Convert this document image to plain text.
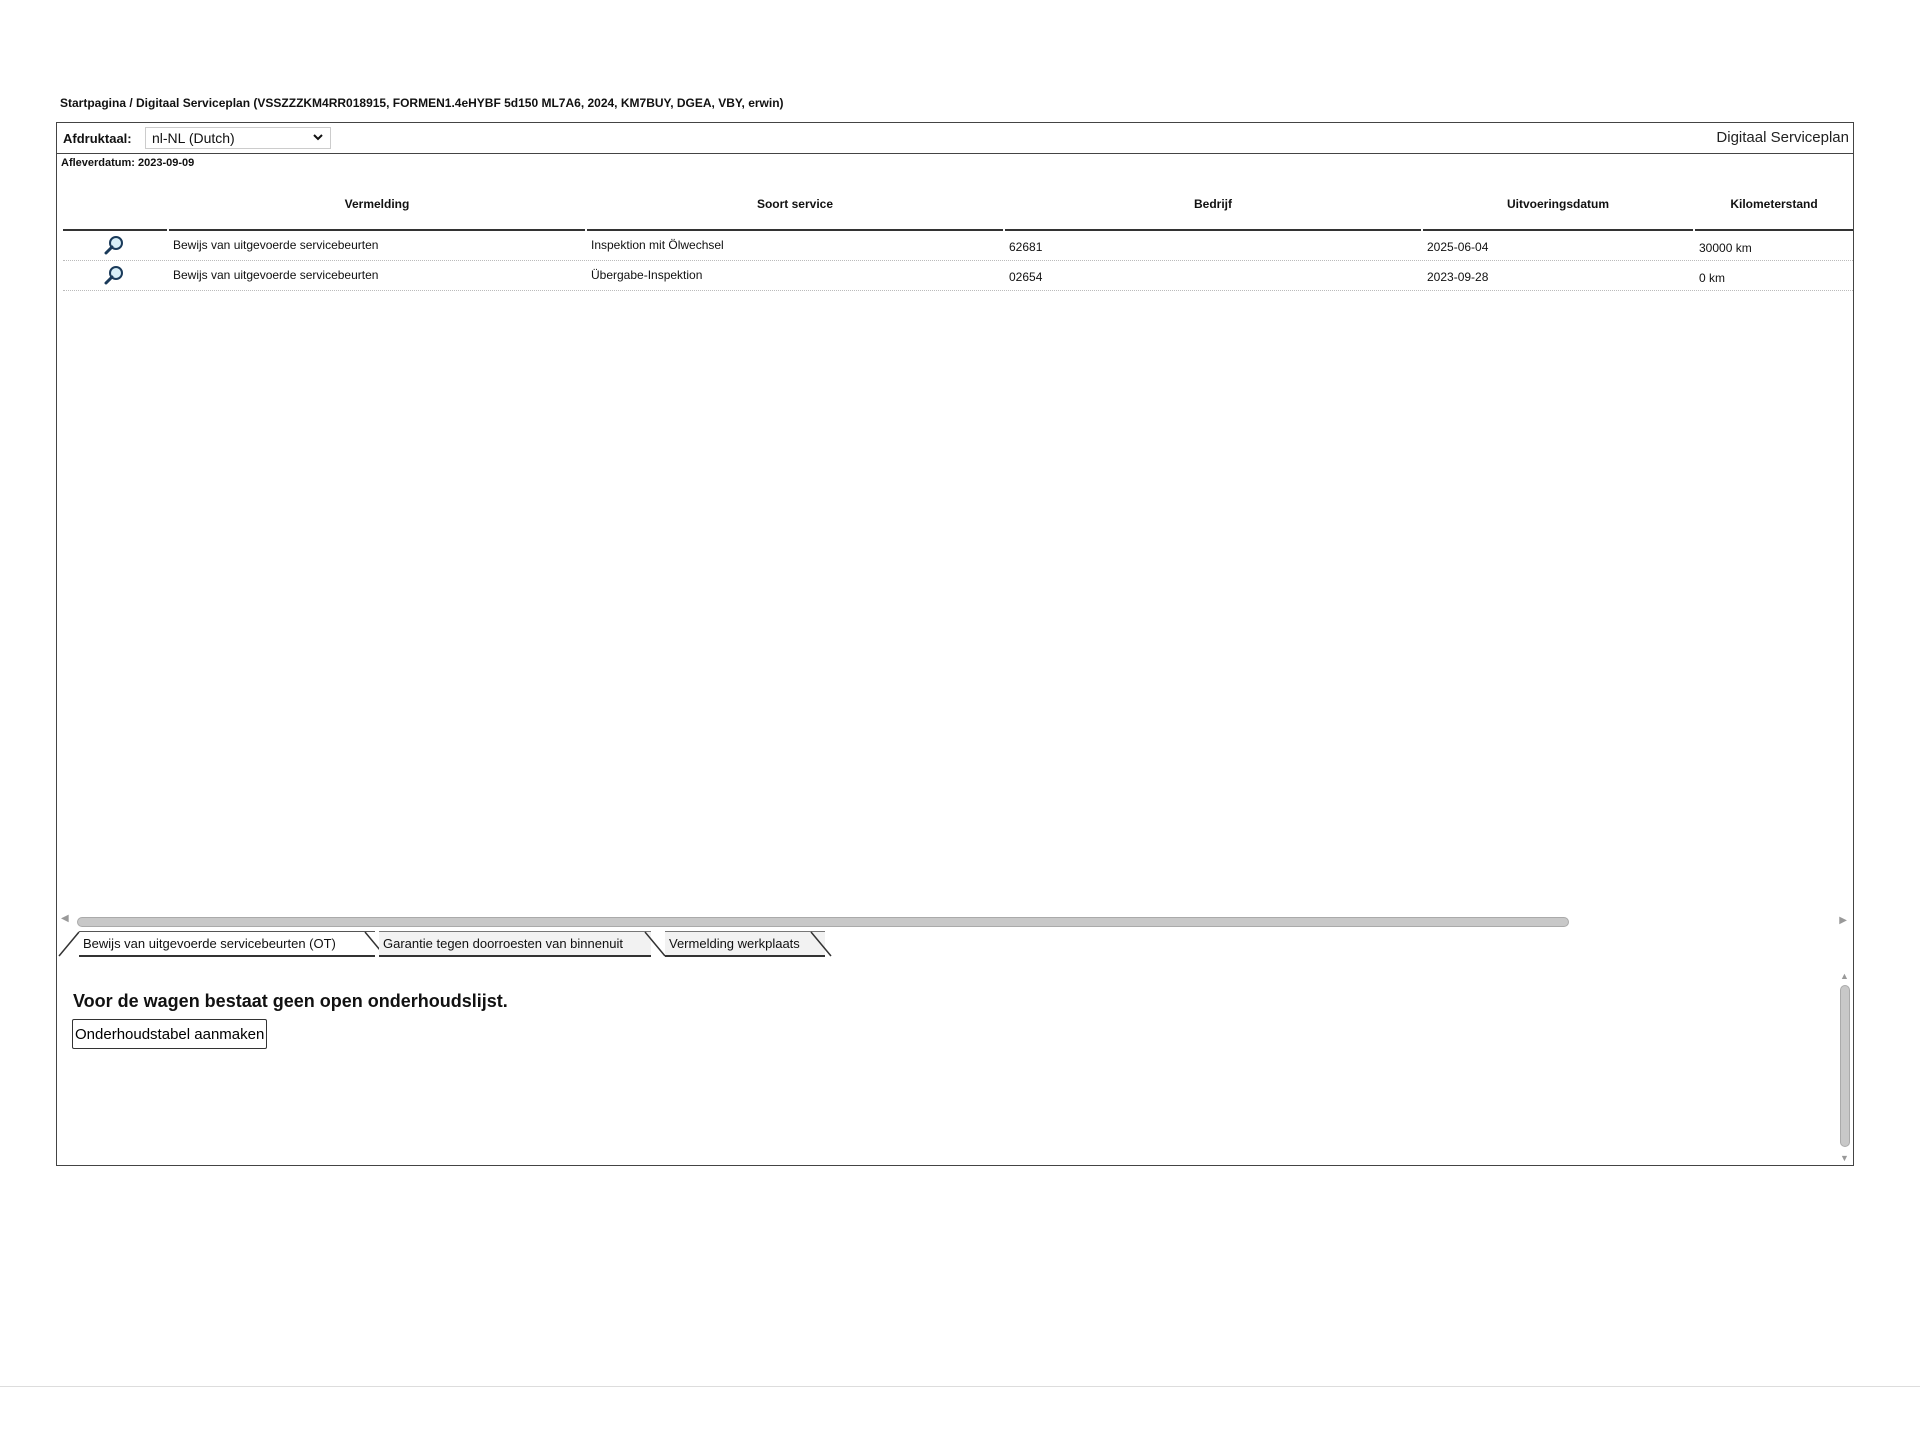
Startpagina / Digitaal Serviceplan (VSSZZZKM4RR018915, FORMEN1.4eHYBF 5d150 ML7A6, 2024, KM7BUY, DGEA, VBY, erwin)
Afdruktaal: nl-NL (Dutch)	Digitaal Serviceplan
Afleverdatum: 2023-09-09
Vermelding	Soort service	Bedrijf	Uitvoeringsdatum	Kilometerstand
Bewijs van uitgevoerde servicebeurten	Inspektion mit Ölwechsel	62681	2025-06-04	30000 km
Bewijs van uitgevoerde servicebeurten	Übergabe-Inspektion	02654	2023-09-28	0 km
◀	▶
Bewijs van uitgevoerde servicebeurten (OT)	Garantie tegen doorroesten van binnenuit	Vermelding werkplaats
Voor de wagen bestaat geen open onderhoudslijst.
Onderhoudstabel aanmaken
▲
▼
